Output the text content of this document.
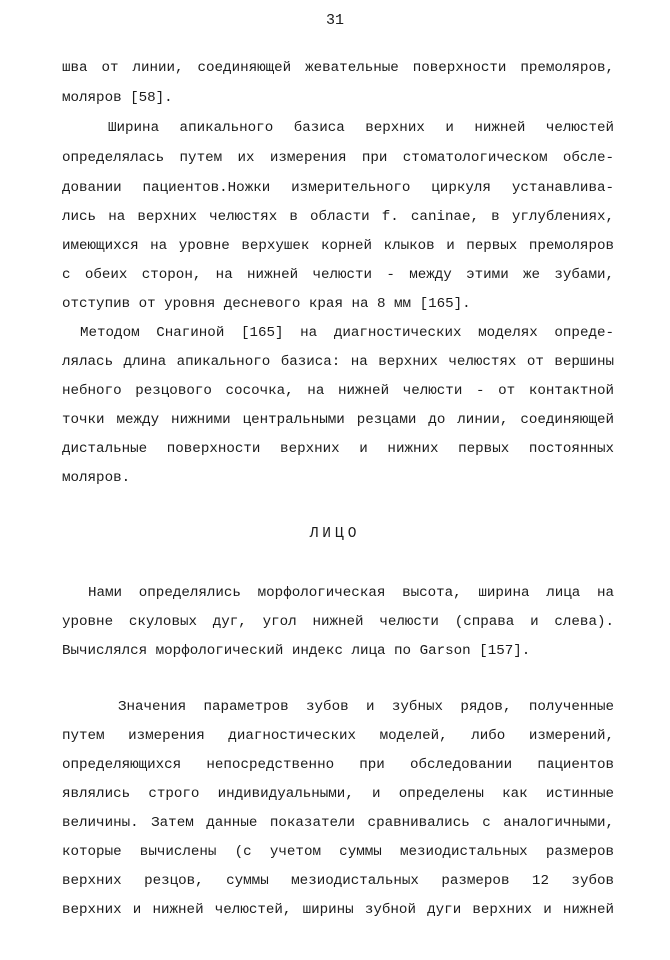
31
шва от линии, соединяющей жевательные поверхности премоляров,
моляров [58].
Ширина апикального базиса верхних и нижней челюстей
определялась путем их измерения при стоматологическом обсле-
довании пациентов.Ножки измерительного циркуля устанавлива-
лись на верхних челюстях в области f. caninae, в углублениях,
имеющихся на уровне верхушек корней клыков и первых премоляров
с обеих сторон, на нижней челюсти - между этими же зубами,
отступив от уровня десневого края на 8 мм [165].
Методом Снагиной [165] на диагностических моделях опреде-
лялась длина апикального базиса: на верхних челюстях от вершины
небного резцового сосочка, на нижней челюсти - от контактной
точки между нижними центральными резцами до линии, соединяющей
дистальные поверхности верхних и нижних первых постоянных
моляров.
ЛИЦО
Нами определялись морфологическая высота, ширина лица на
уровне скуловых дуг, угол нижней челюсти (справа и слева).
Вычислялся морфологический индекс лица по Garson [157].
Значения параметров зубов и зубных рядов, полученные
путем измерения диагностических моделей, либо измерений,
определяющихся непосредственно при обследовании пациентов
являлись строго индивидуальными, и определены как истинные
величины. Затем данные показатели сравнивались с аналогичными,
которые вычислены (с учетом суммы мезиодистальных размеров
верхних резцов, суммы мезиодистальных размеров 12 зубов
верхних и нижней челюстей, ширины зубной дуги верхних и нижней
